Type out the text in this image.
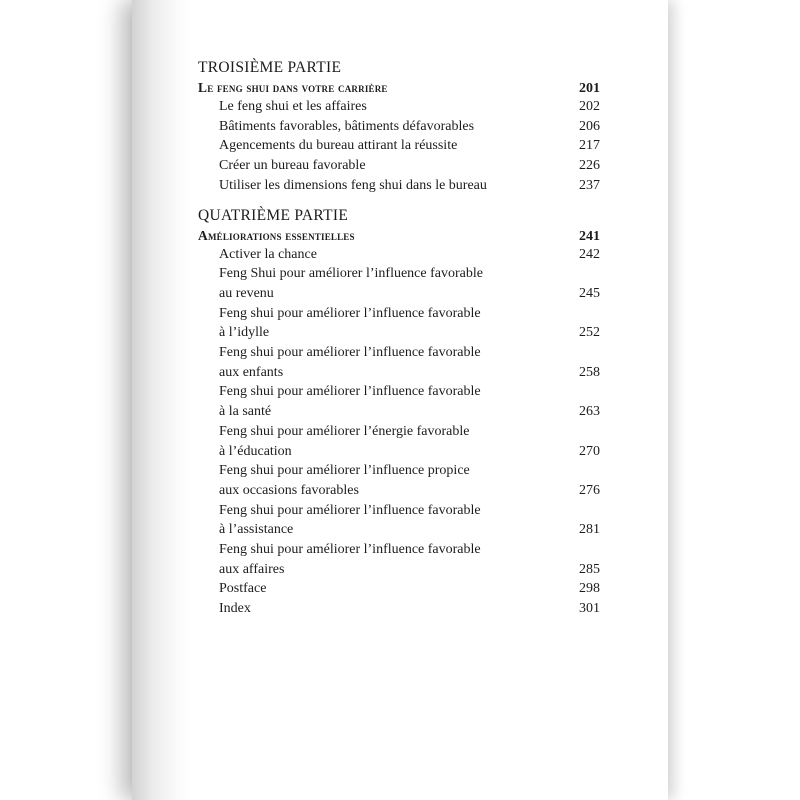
TROISIÈME PARTIE
Le feng shui dans votre carrière	201
Le feng shui et les affaires	202
Bâtiments favorables, bâtiments défavorables	206
Agencements du bureau attirant la réussite	217
Créer un bureau favorable	226
Utiliser les dimensions feng shui dans le bureau	237
QUATRIÈME PARTIE
Améliorations essentielles	241
Activer la chance	242
Feng Shui pour améliorer l’influence favorable
au revenu	245
Feng shui pour améliorer l’influence favorable
à l’idylle	252
Feng shui pour améliorer l’influence favorable
aux enfants	258
Feng shui pour améliorer l’influence favorable
à la santé	263
Feng shui pour améliorer l’énergie favorable
à l’éducation	270
Feng shui pour améliorer l’influence propice
aux occasions favorables	276
Feng shui pour améliorer l’influence favorable
à l’assistance	281
Feng shui pour améliorer l’influence favorable
aux affaires	285
Postface	298
Index	301
